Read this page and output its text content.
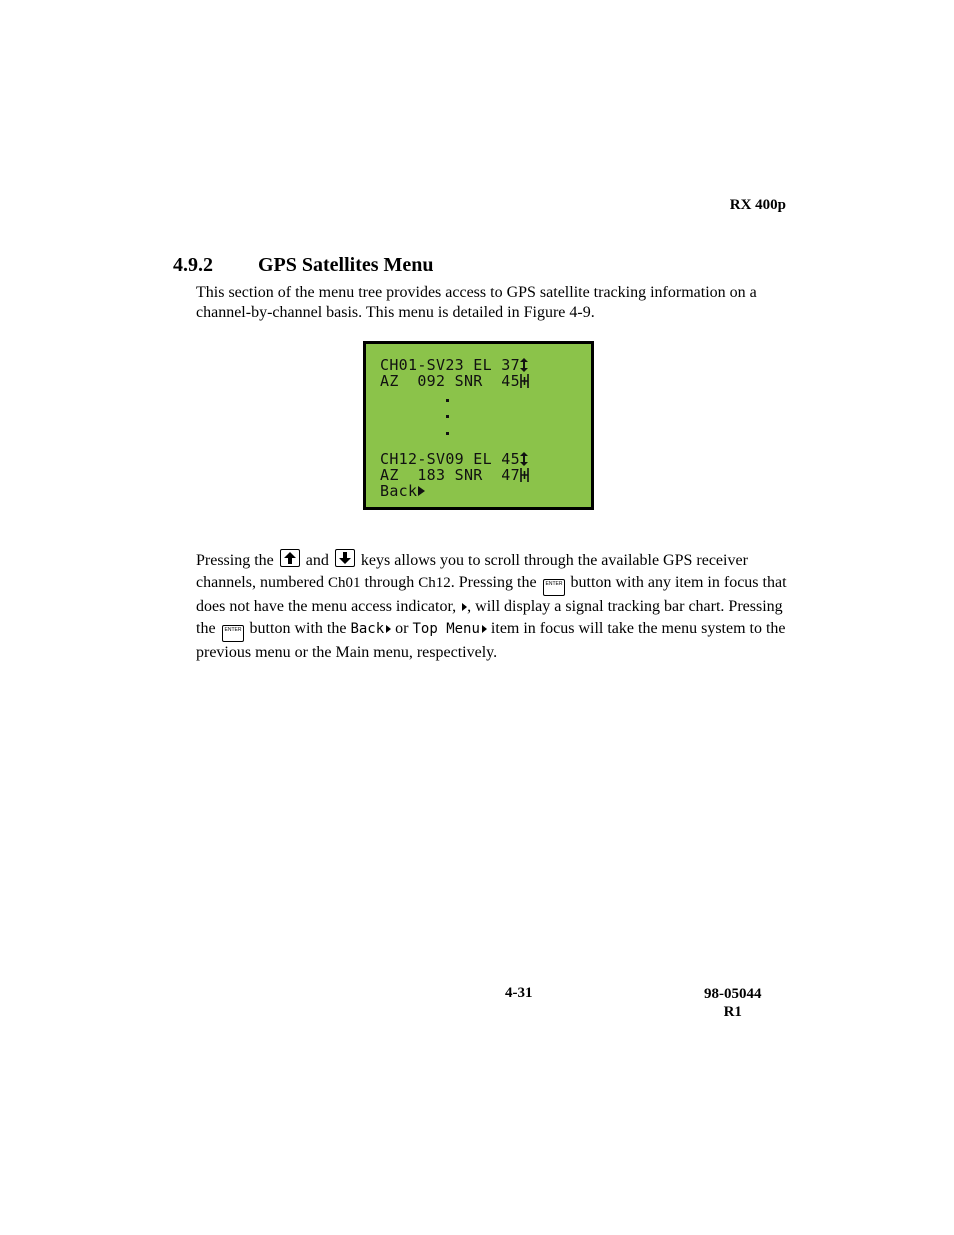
RX 400p
4.9.2 GPS Satellites Menu
This section of the menu tree provides access to GPS satellite tracking information on a channel-by-channel basis. This menu is detailed in Figure 4-9.
CH01-SV23 EL 37
AZ  092 SNR  45
CH12-SV09 EL 45
AZ  183 SNR  47
Back
Pressing the and keys allows you to scroll through the available GPS receiver channels, numbered Ch01 through Ch12. Pressing the ENTER button with any item in focus that does not have the menu access indicator, , will display a signal tracking bar chart. Pressing the ENTER button with the Back or Top Menu item in focus will take the menu system to the previous menu or the Main menu, respectively.
4-31	98-05044
R1
